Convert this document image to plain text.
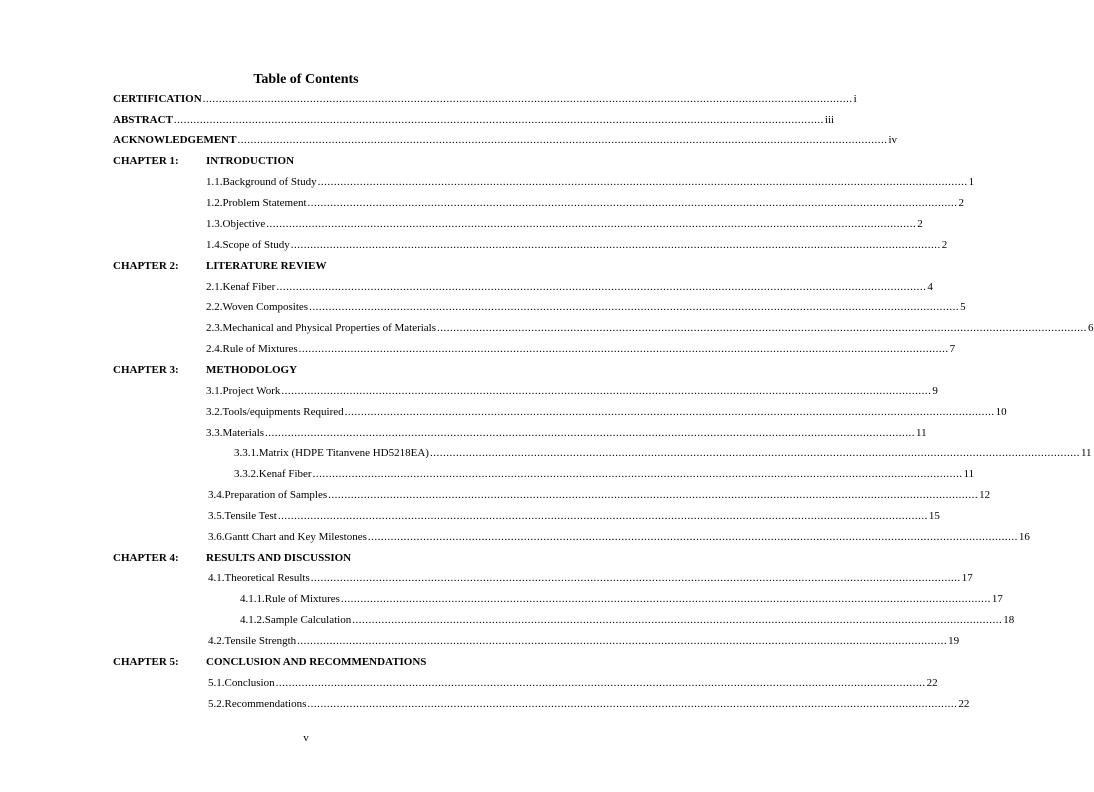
Table of Contents
CERTIFICATION ........................................................................................................................................................................................................ i
ABSTRACT ........................................................................................................................................................................................................ iii
ACKNOWLEDGEMENT ........................................................................................................................................................................................................ iv
CHAPTER 1: INTRODUCTION
1.1. Background of Study ........................................................................................................................................................................................................ 1
1.2. Problem Statement ........................................................................................................................................................................................................ 2
1.3. Objective ........................................................................................................................................................................................................ 2
1.4. Scope of Study ........................................................................................................................................................................................................ 2
CHAPTER 2: LITERATURE REVIEW
2.1. Kenaf Fiber ........................................................................................................................................................................................................ 4
2.2. Woven Composites ........................................................................................................................................................................................................ 5
2.3. Mechanical and Physical Properties of Materials ........................................................................................................................................................................................................ 6
2.4. Rule of Mixtures ........................................................................................................................................................................................................ 7
CHAPTER 3: METHODOLOGY
3.1. Project Work ........................................................................................................................................................................................................ 9
3.2. Tools/equipments Required ........................................................................................................................................................................................................ 10
3.3. Materials ........................................................................................................................................................................................................ 11
3.3.1. Matrix (HDPE Titanvene HD5218EA) ........................................................................................................................................................................................................ 11
3.3.2. Kenaf Fiber ........................................................................................................................................................................................................ 11
3.4. Preparation of Samples ........................................................................................................................................................................................................ 12
3.5. Tensile Test ........................................................................................................................................................................................................ 15
3.6. Gantt Chart and Key Milestones ........................................................................................................................................................................................................ 16
CHAPTER 4: RESULTS AND DISCUSSION
4.1. Theoretical Results ........................................................................................................................................................................................................ 17
4.1.1. Rule of Mixtures ........................................................................................................................................................................................................ 17
4.1.2. Sample Calculation ........................................................................................................................................................................................................ 18
4.2. Tensile Strength ........................................................................................................................................................................................................ 19
CHAPTER 5: CONCLUSION AND RECOMMENDATIONS
5.1. Conclusion ........................................................................................................................................................................................................ 22
5.2. Recommendations ........................................................................................................................................................................................................ 22
v
